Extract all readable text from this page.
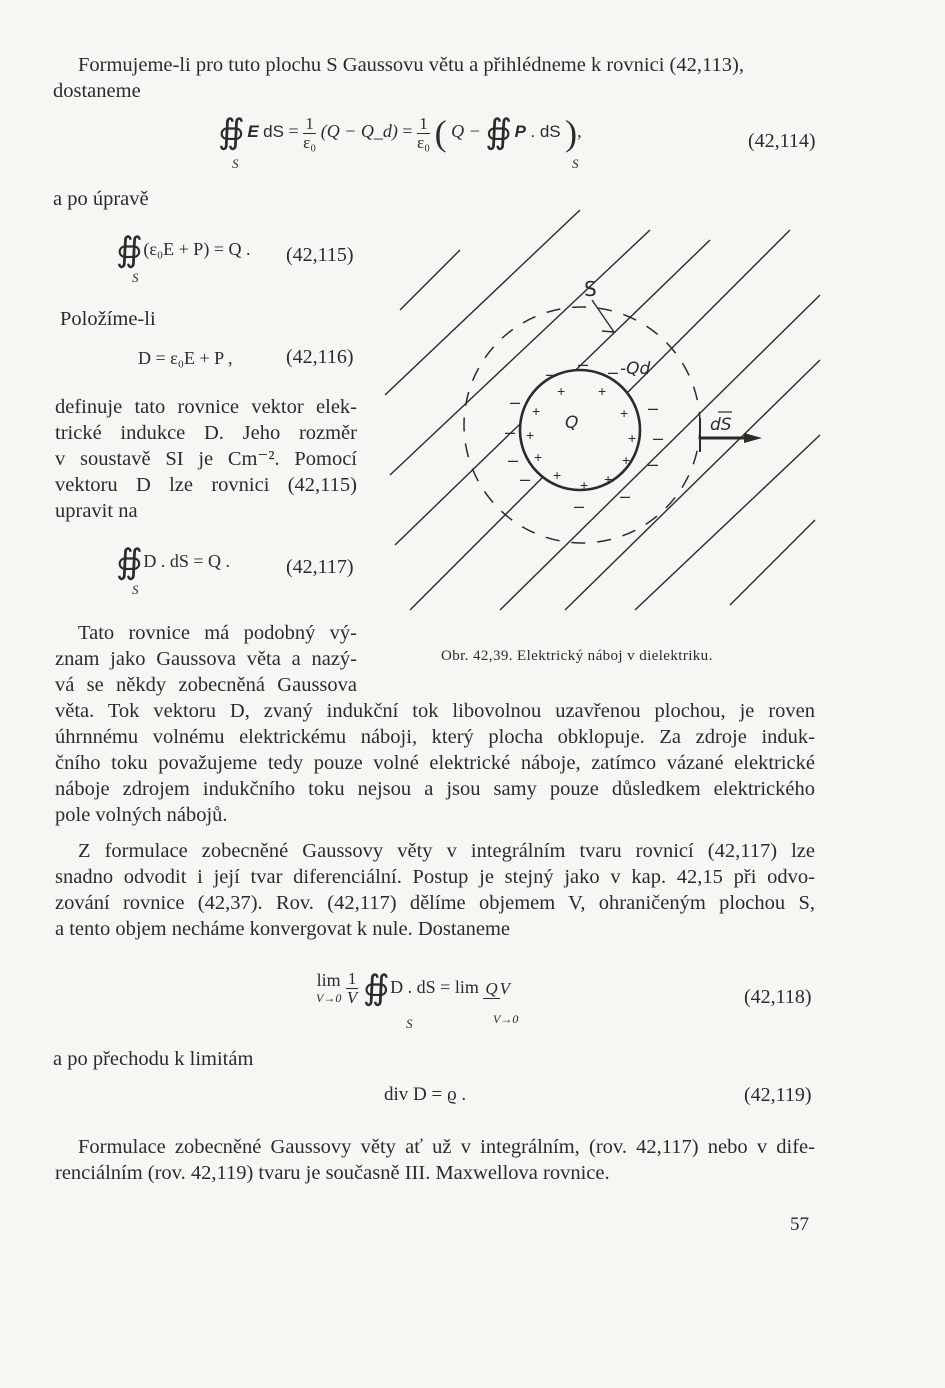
Formujeme-li pro tuto plochu S Gaussovu větu a přihlédneme k rovnici (42,113),
dostaneme
∯ E dS = $\frac{1}{\text{ε₀}} (Q$ − Q_d) = $\frac{1}{\text{ε₀}}$ ( Q − ∯ P . dS ),
S	S
(42,114)
a po úpravě
∯ (ε₀E + P) = Q .
S
(42,115)
Položíme-li
D = ε₀E + P ,	(42,116)
definuje tato rovnice vektor elek-
trické indukce D. Jeho rozměr
v soustavě SI je Cm⁻². Pomocí
vektoru D lze rovnici (42,115)
upravit na
∯ D . dS = Q .
S
(42,117)
Tato rovnice má podobný vý-
znam jako Gaussova věta a nazý-
vá se někdy zobecněná Gaussova
+ +
+	+
+	+
+	+
+
+ +
– – –
–	–
–	–
–	–
–
–
–
S
-Qd
Q	dS
Obr. 42,39. Elektrický náboj v dielektriku.
věta. Tok vektoru D, zvaný indukční tok libovolnou uzavřenou plochou, je roven
úhrnnému volnému elektrickému náboji, který plocha obklopuje. Za zdroje induk-
čního toku považujeme tedy pouze volné elektrické náboje, zatímco vázané elektrické
náboje zdrojem indukčního toku nejsou a jsou samy pouze důsledkem elektrického
pole volných nábojů.
Z formulace zobecněné Gaussovy věty v integrálním tvaru rovnicí (42,117) lze
snadno odvodit i její tvar diferenciální. Postup je stejný jako v kap. 42,15 při odvo-
zování rovnice (42,37). Rov. (42,117) dělíme objemem V, ohraničeným plochou S,
a tento objem necháme konvergovat k nule. Dostaneme
lim
V→0
$\frac{1}{V}$ ∯ D . dS = lim Q V
S	V→0
(42,118)
a po přechodu k limitám
div D = ϱ .	(42,119)
Formulace zobecněné Gaussovy věty ať už v integrálním, (rov. 42,117) nebo v dife-
renciálním (rov. 42,119) tvaru je současně III. Maxwellova rovnice.
57
